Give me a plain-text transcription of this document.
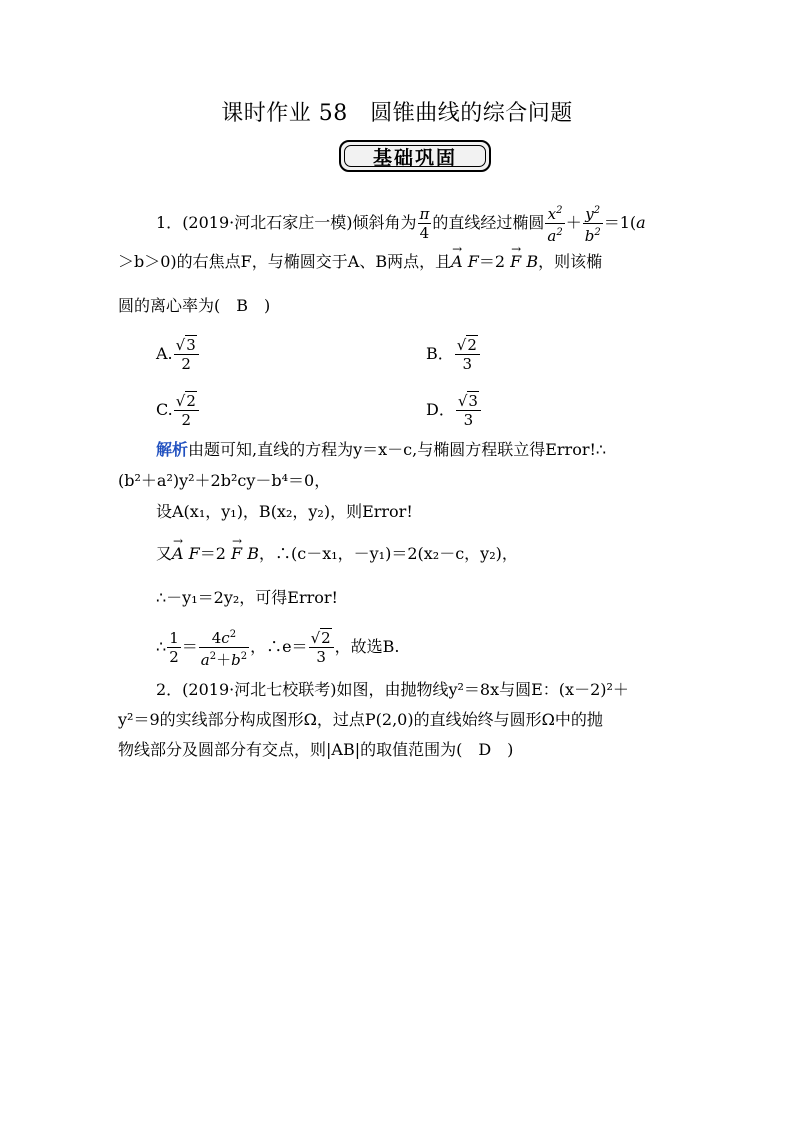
课时作业 58　圆锥曲线的综合问题
基础巩固
1．(2019·河北石家庄一模)倾斜角为 $\frac{\pi}{4}$ 的直线经过椭圆 $\frac{x^2}{a^2} + \frac{y^2}{b^2} =1(a$
＞b＞0)的右焦点F，与椭圆交于A、B两点，且→ A F＝2 → F B，则该椭
圆的离心率为(　B　)
A. $\frac{√3}{2}$	B． $\frac{√2}{3}$
C. $\frac{√2}{2}$	D． $\frac{√3}{3}$
解析由题可知,直线的方程为y＝x－c,与椭圆方程联立得Error!∴
(b²＋a²)y²＋2b²cy－b⁴＝0，
设A(x₁，y₁)，B(x₂，y₂)，则Error!
又→ A F＝2 → F B，∴(c－x₁，－y₁)＝2(x₂－c，y₂)，
∴－y₁＝2y₂，可得Error!
∴ $\frac{1}{2} = \frac{4c^2}{a^2+b^2}$ ，∴e＝ $\frac{√2}{3}$ ，故选B.
2．(2019·河北七校联考)如图，由抛物线y²＝8x与圆E：(x－2)²＋
y²＝9的实线部分构成图形Ω，过点P(2,0)的直线始终与圆形Ω中的抛
物线部分及圆部分有交点，则|AB|的取值范围为(　D　)
